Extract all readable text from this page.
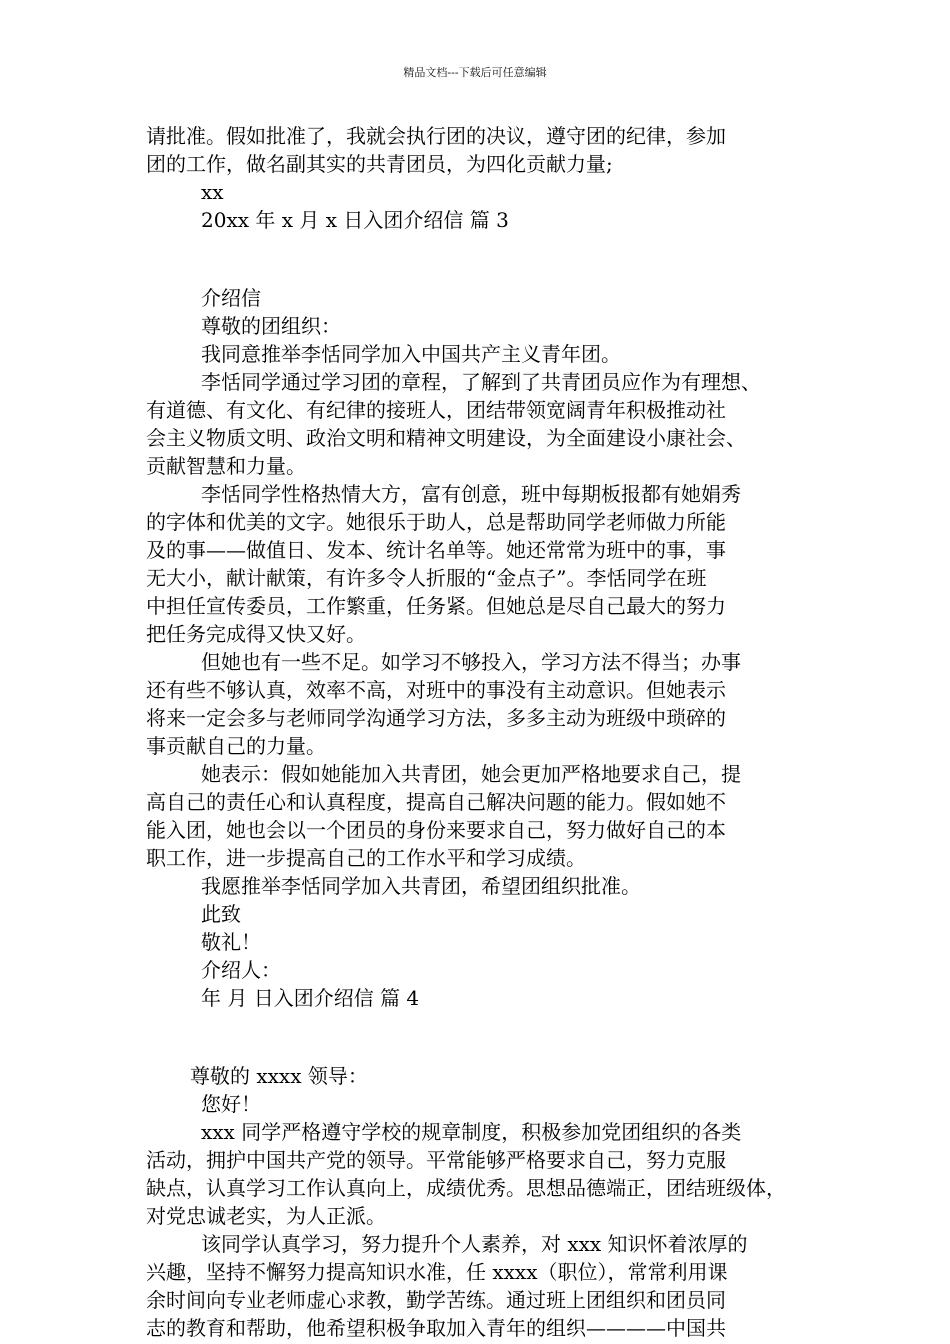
精品文档---下载后可任意编辑
请批准。假如批准了，我就会执行团的决议，遵守团的纪律，参加
团的工作，做名副其实的共青团员，为四化贡献力量;
xx
20xx 年 x 月 x 日入团介绍信 篇 3
介绍信
尊敬的团组织：
我同意推举李恬同学加入中国共产主义青年团。
李恬同学通过学习团的章程，了解到了共青团员应作为有理想、
有道德、有文化、有纪律的接班人，团结带领宽阔青年积极推动社
会主义物质文明、政治文明和精神文明建设，为全面建设小康社会、
贡献智慧和力量。
李恬同学性格热情大方，富有创意，班中每期板报都有她娟秀
的字体和优美的文字。她很乐于助人，总是帮助同学老师做力所能
及的事——做值日、发本、统计名单等。她还常常为班中的事，事
无大小，献计献策，有许多令人折服的“金点子”。李恬同学在班
中担任宣传委员，工作繁重，任务紧。但她总是尽自己最大的努力
把任务完成得又快又好。
但她也有一些不足。如学习不够投入，学习方法不得当；办事
还有些不够认真，效率不高，对班中的事没有主动意识。但她表示
将来一定会多与老师同学沟通学习方法，多多主动为班级中琐碎的
事贡献自己的力量。
她表示：假如她能加入共青团，她会更加严格地要求自己，提
高自己的责任心和认真程度，提高自己解决问题的能力。假如她不
能入团，她也会以一个团员的身份来要求自己，努力做好自己的本
职工作，进一步提高自己的工作水平和学习成绩。
我愿推举李恬同学加入共青团，希望团组织批准。
此致
敬礼！
介绍人：
年 月 日入团介绍信 篇 4
尊敬的 xxxx 领导：
您好！
xxx 同学严格遵守学校的规章制度，积极参加党团组织的各类
活动，拥护中国共产党的领导。平常能够严格要求自己，努力克服
缺点，认真学习工作认真向上，成绩优秀。思想品德端正，团结班级体，
对党忠诚老实，为人正派。
该同学认真学习，努力提升个人素养，对 xxx 知识怀着浓厚的
兴趣，坚持不懈努力提高知识水准，任 xxxx（职位），常常利用课
余时间向专业老师虚心求教，勤学苦练。通过班上团组织和团员同
志的教育和帮助，他希望积极争取加入青年的组织————中国共
